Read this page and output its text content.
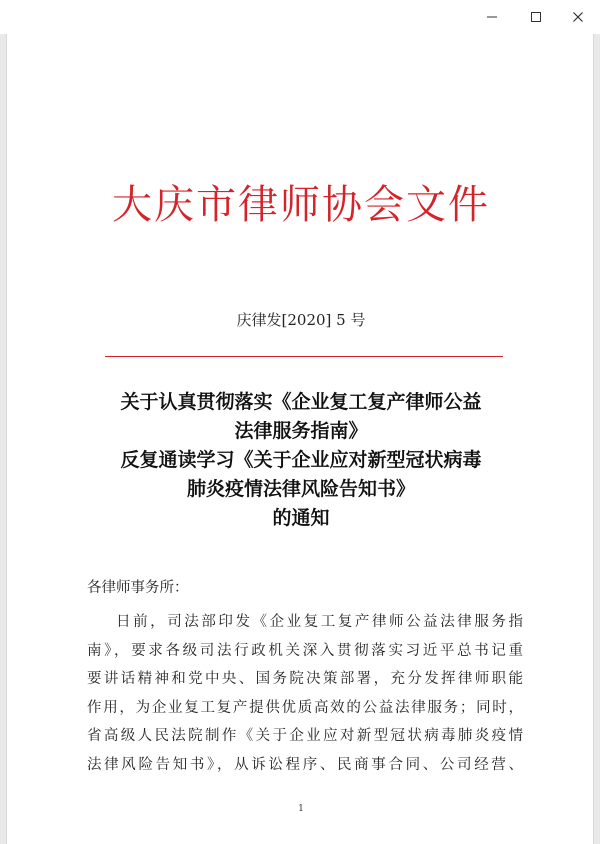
大庆市律师协会文件
庆律发[2020] 5 号
关于认真贯彻落实《企业复工复产律师公益
法律服务指南》
反复通读学习《关于企业应对新型冠状病毒
肺炎疫情法律风险告知书》
的通知
各律师事务所：
日前，司法部印发《企业复工复产律师公益法律服务指
南》，要求各级司法行政机关深入贯彻落实习近平总书记重
要讲话精神和党中央、国务院决策部署，充分发挥律师职能
作用，为企业复工复产提供优质高效的公益法律服务；同时，
省高级人民法院制作《关于企业应对新型冠状病毒肺炎疫情
法律风险告知书》，从诉讼程序、民商事合同、公司经营、
1
